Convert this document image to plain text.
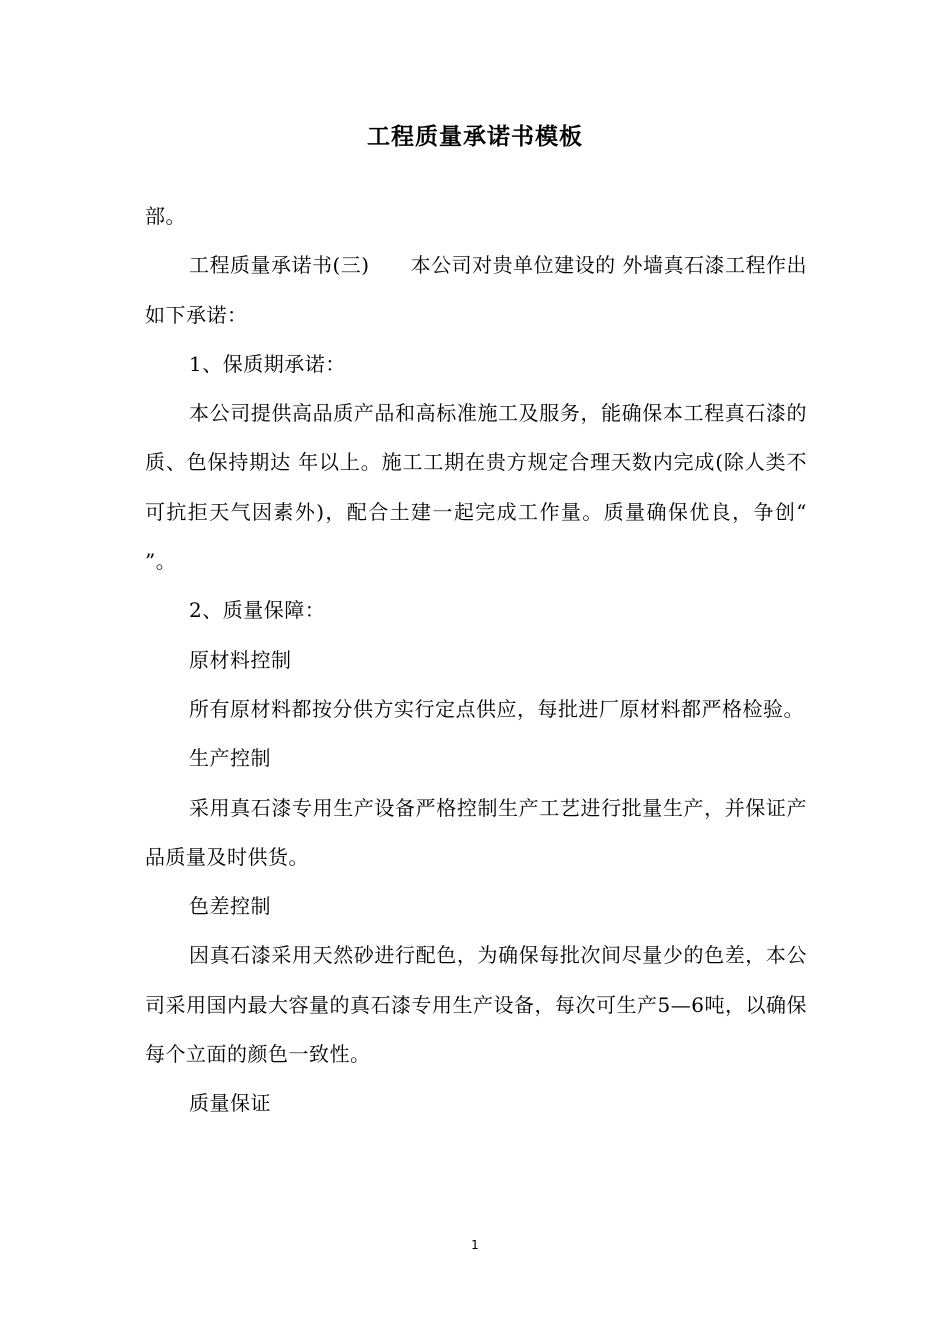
工程质量承诺书模板

部。

工程质量承诺书(三)　　本公司对贵单位建设的 外墙真石漆工程作出如下承诺：

1、保质期承诺：

本公司提供高品质产品和高标准施工及服务，能确保本工程真石漆的质、色保持期达 年以上。施工工期在贵方规定合理天数内完成(除人类不可抗拒天气因素外)，配合土建一起完成工作量。质量确保优良，争创“ ”。

2、质量保障：

原材料控制

所有原材料都按分供方实行定点供应，每批进厂原材料都严格检验。

生产控制

采用真石漆专用生产设备严格控制生产工艺进行批量生产，并保证产品质量及时供货。

色差控制

因真石漆采用天然砂进行配色，为确保每批次间尽量少的色差，本公司采用国内最大容量的真石漆专用生产设备，每次可生产5—6吨，以确保每个立面的颜色一致性。

质量保证

1
